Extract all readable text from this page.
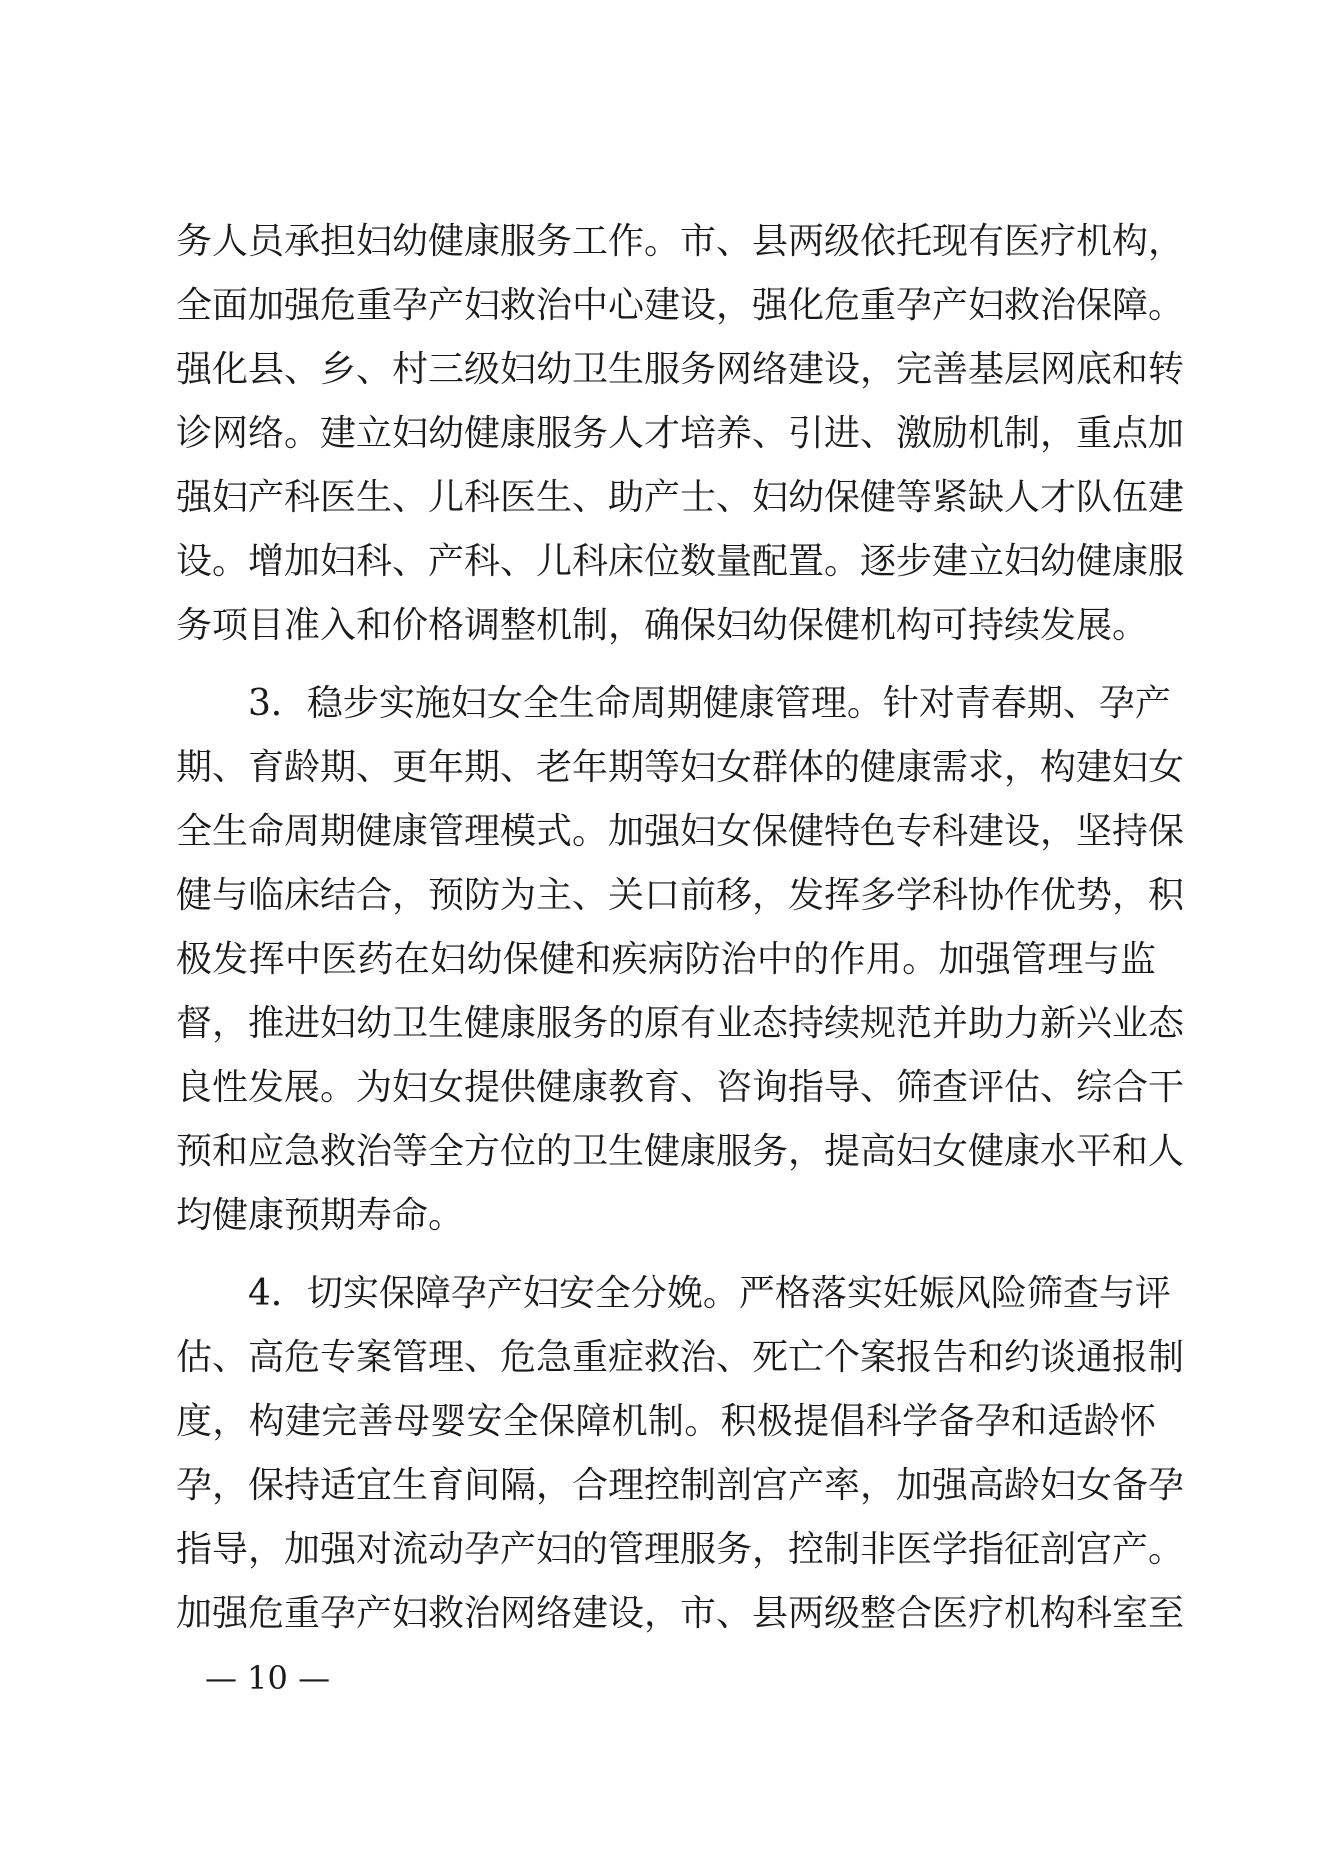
务人员承担妇幼健康服务工作。市、县两级依托现有医疗机构，
全面加强危重孕产妇救治中心建设，强化危重孕产妇救治保障。
强化县、乡、村三级妇幼卫生服务网络建设，完善基层网底和转
诊网络。建立妇幼健康服务人才培养、引进、激励机制，重点加
强妇产科医生、儿科医生、助产士、妇幼保健等紧缺人才队伍建
设。增加妇科、产科、儿科床位数量配置。逐步建立妇幼健康服
务项目准入和价格调整机制，确保妇幼保健机构可持续发展。
3．稳步实施妇女全生命周期健康管理。针对青春期、孕产
期、育龄期、更年期、老年期等妇女群体的健康需求，构建妇女
全生命周期健康管理模式。加强妇女保健特色专科建设，坚持保
健与临床结合，预防为主、关口前移，发挥多学科协作优势，积
极发挥中医药在妇幼保健和疾病防治中的作用。加强管理与监
督，推进妇幼卫生健康服务的原有业态持续规范并助力新兴业态
良性发展。为妇女提供健康教育、咨询指导、筛查评估、综合干
预和应急救治等全方位的卫生健康服务，提高妇女健康水平和人
均健康预期寿命。
4．切实保障孕产妇安全分娩。严格落实妊娠风险筛查与评
估、高危专案管理、危急重症救治、死亡个案报告和约谈通报制
度，构建完善母婴安全保障机制。积极提倡科学备孕和适龄怀
孕，保持适宜生育间隔，合理控制剖宫产率，加强高龄妇女备孕
指导，加强对流动孕产妇的管理服务，控制非医学指征剖宫产。
加强危重孕产妇救治网络建设，市、县两级整合医疗机构科室至
— 10 —
